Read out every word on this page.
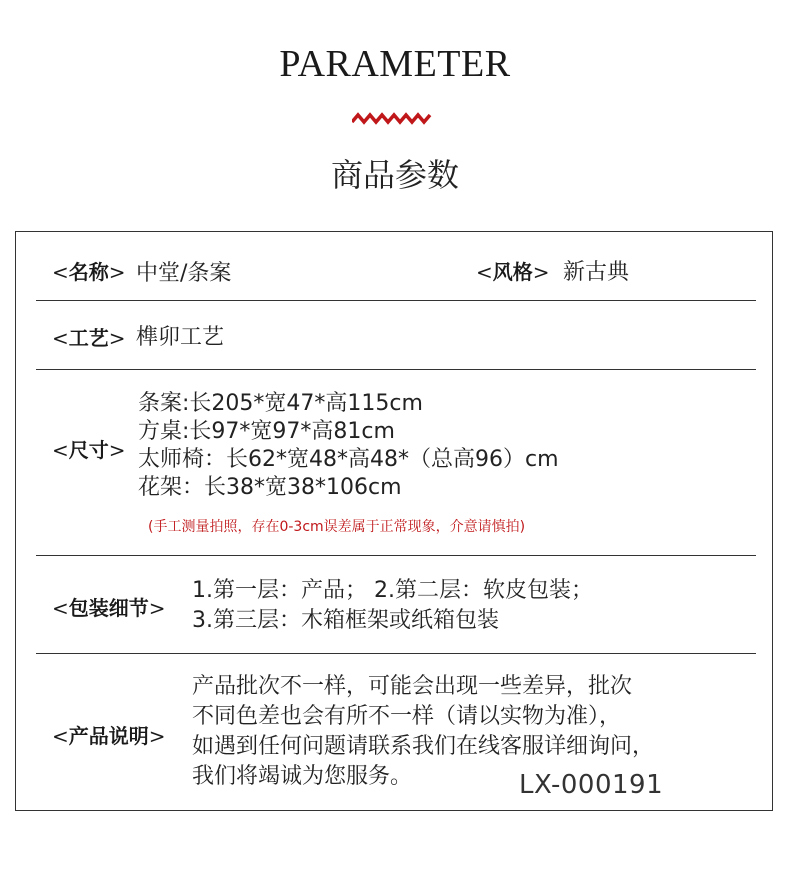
PARAMETER
商品参数
<名称> 中堂/条案	<风格> 新古典
<工艺> 榫卯工艺
<尺寸>
条案:长205*宽47*高115cm
方桌:长97*宽97*高81cm
太师椅：长62*宽48*高48*（总高96）cm
花架：长38*宽38*106cm
(手工测量拍照，存在0-3cm误差属于正常现象，介意请慎拍)
<包装细节>
1.第一层：产品； 2.第二层：软皮包装；
3.第三层：木箱框架或纸箱包装
<产品说明>
产品批次不一样，可能会出现一些差异，批次
不同色差也会有所不一样（请以实物为准），
如遇到任何问题请联系我们在线客服详细询问，
我们将竭诚为您服务。	LX-000191
